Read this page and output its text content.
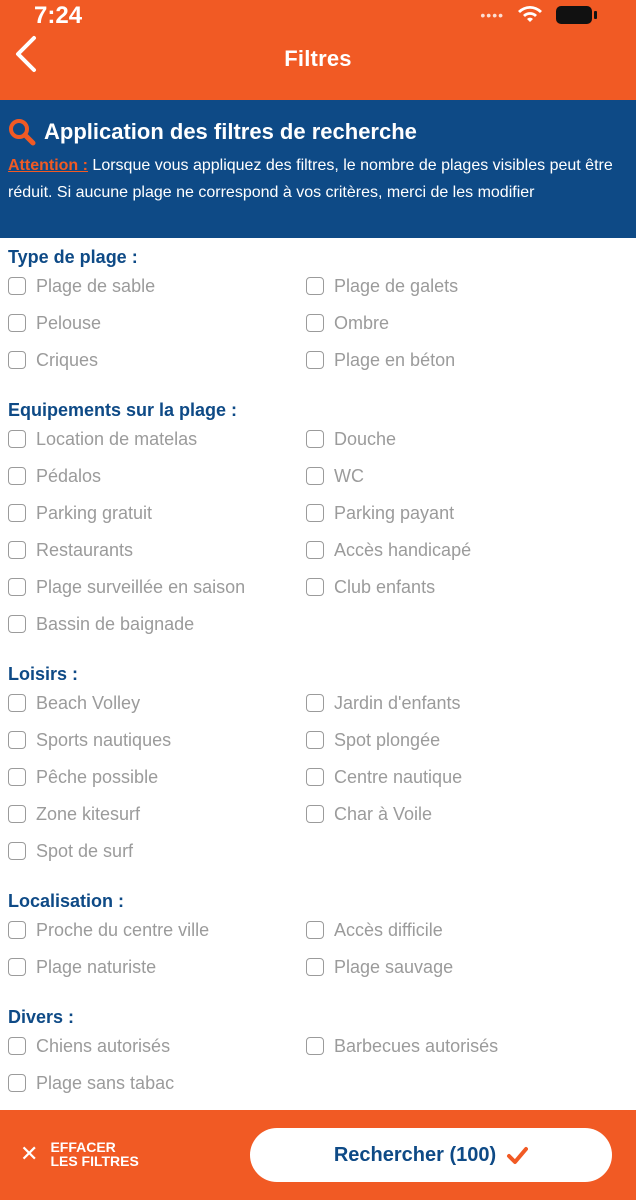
7:24	••••
Filtres
Application des filtres de recherche
Attention : Lorsque vous appliquez des filtres, le nombre de plages visibles peut être réduit. Si aucune plage ne correspond à vos critères, merci de les modifier
Type de plage :
Plage de sable	Plage de galets
Pelouse	Ombre
Criques	Plage en béton
Equipements sur la plage :
Location de matelas	Douche
Pédalos	WC
Parking gratuit	Parking payant
Restaurants	Accès handicapé
Plage surveillée en saison	Club enfants
Bassin de baignade
Loisirs :
Beach Volley	Jardin d'enfants
Sports nautiques	Spot plongée
Pêche possible	Centre nautique
Zone kitesurf	Char à Voile
Spot de surf
Localisation :
Proche du centre ville	Accès difficile
Plage naturiste	Plage sauvage
Divers :
Chiens autorisés	Barbecues autorisés
Plage sans tabac
✕ EFFACER
LES FILTRES	Rechercher (100)
